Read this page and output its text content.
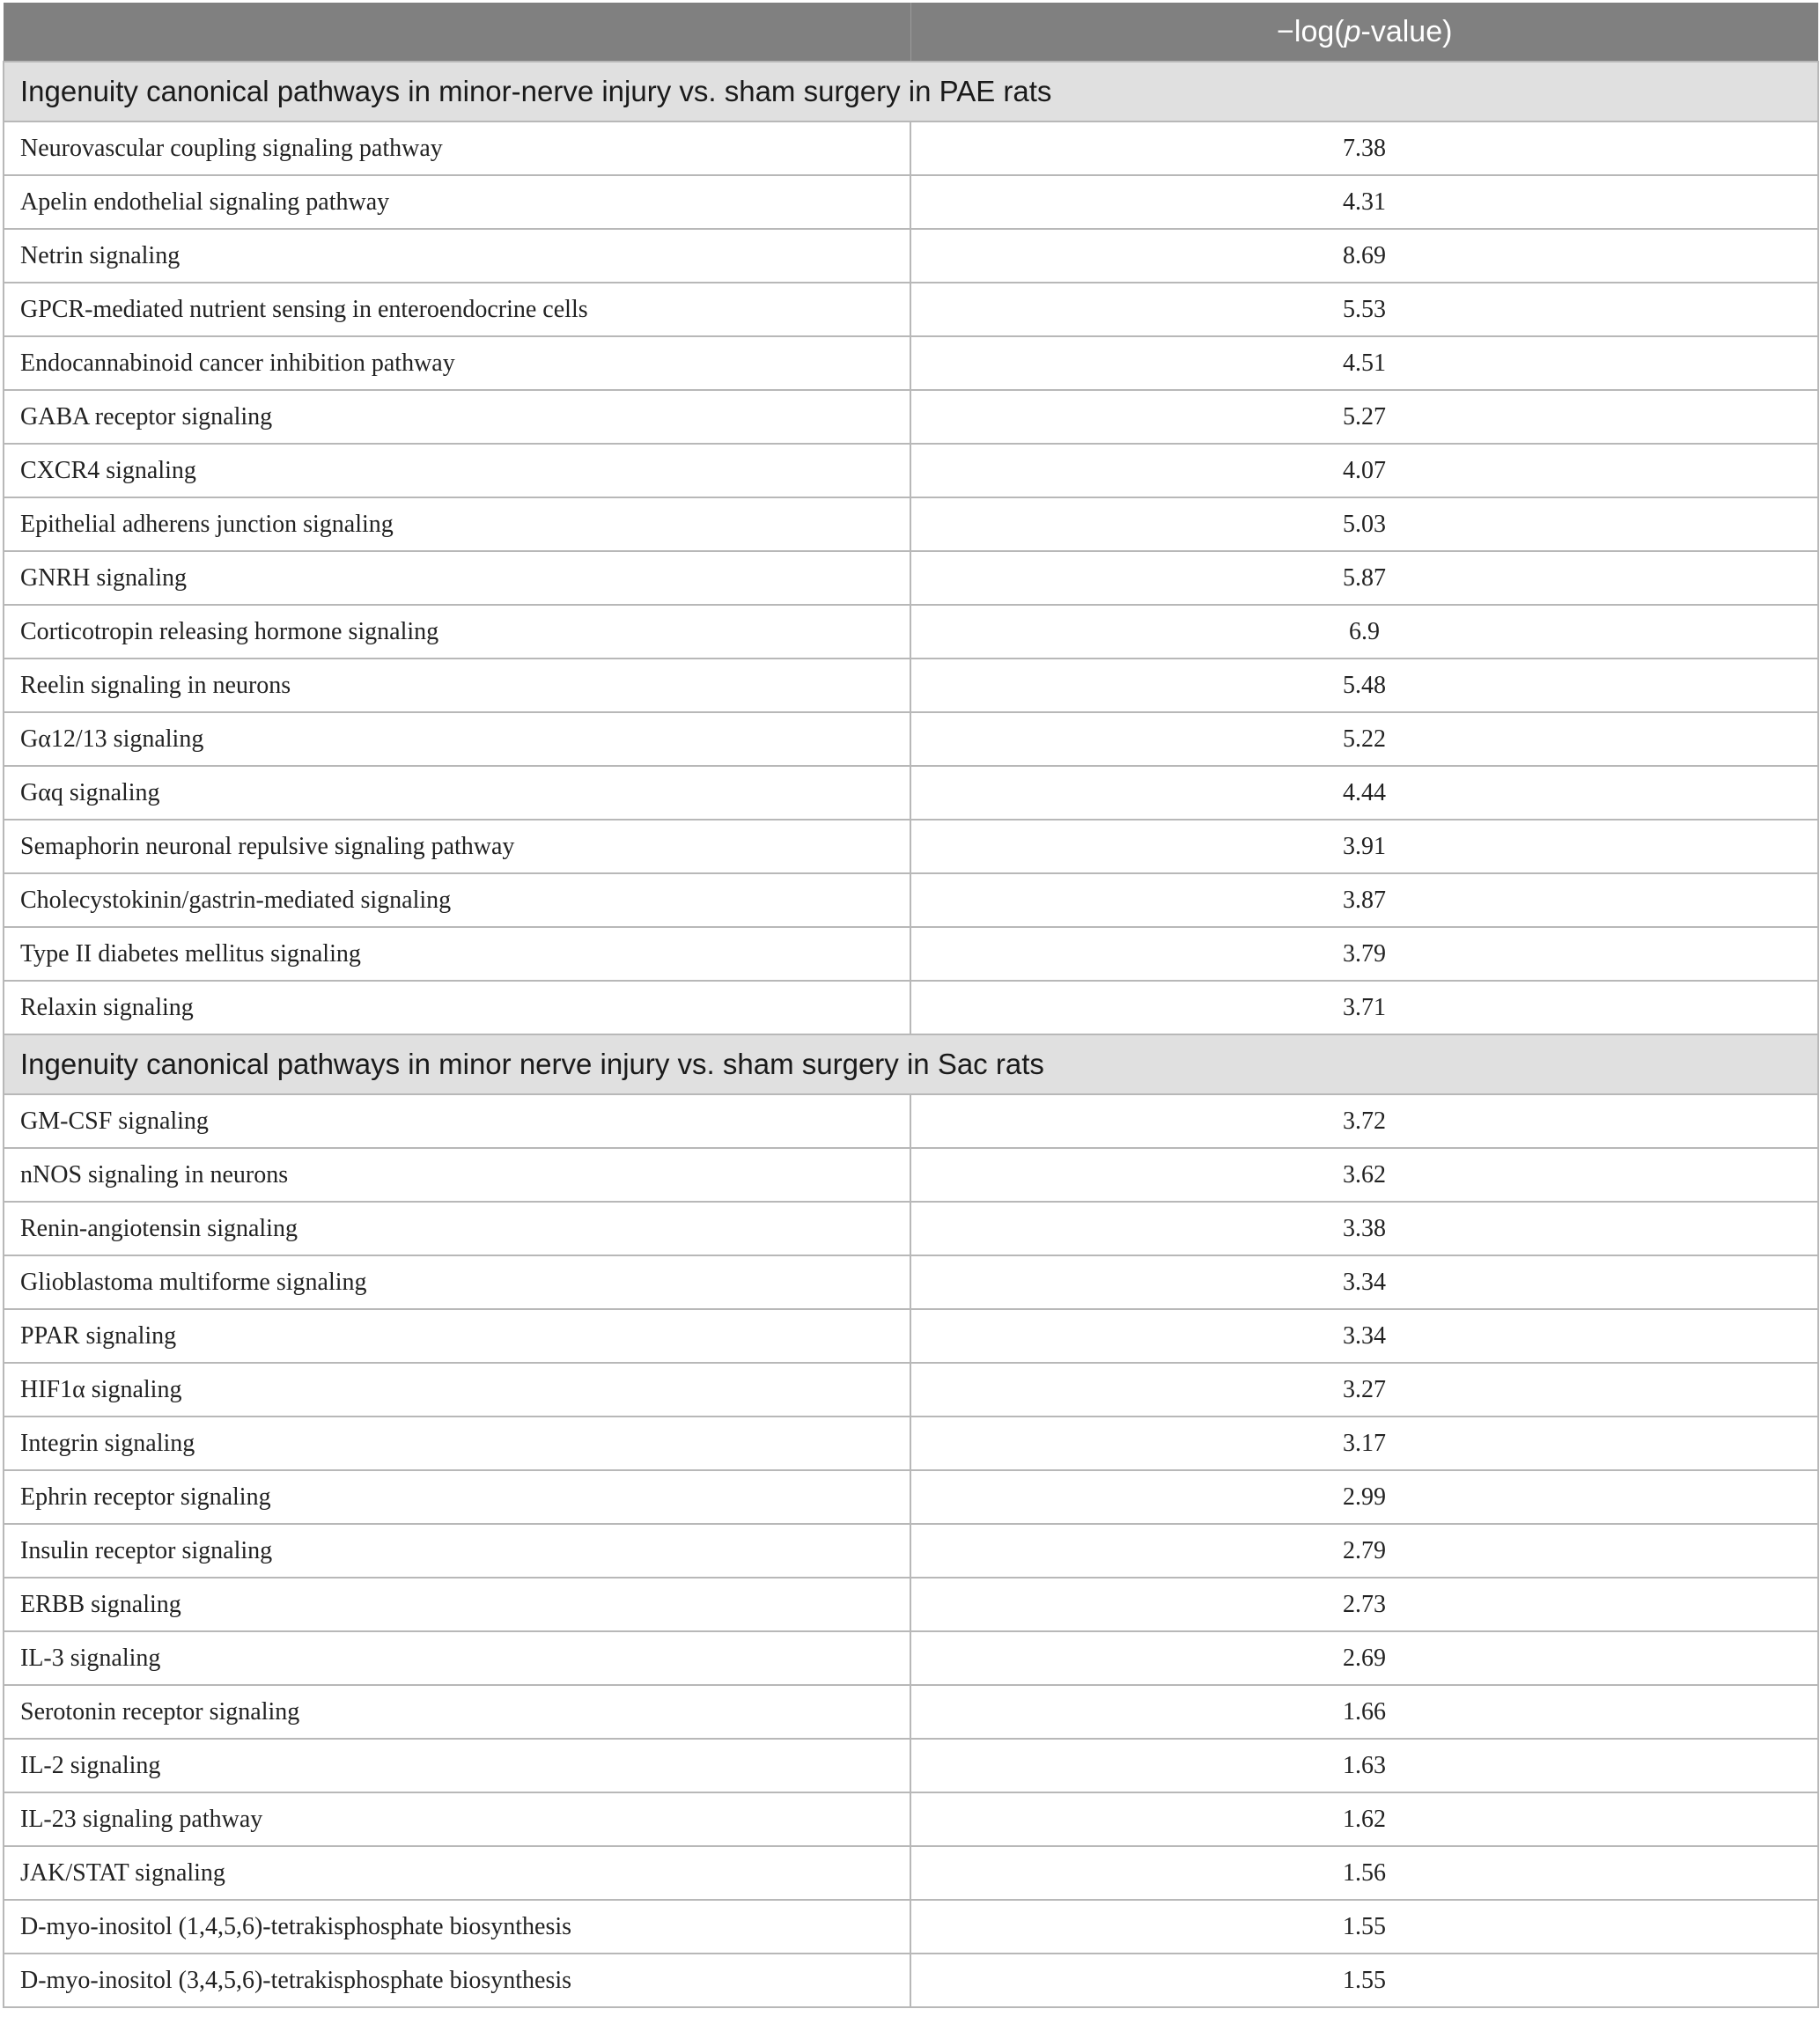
	−log(p-value)
Ingenuity canonical pathways in minor-nerve injury vs. sham surgery in PAE rats	
Neurovascular coupling signaling pathway	7.38
Apelin endothelial signaling pathway	4.31
Netrin signaling	8.69
GPCR-mediated nutrient sensing in enteroendocrine cells	5.53
Endocannabinoid cancer inhibition pathway	4.51
GABA receptor signaling	5.27
CXCR4 signaling	4.07
Epithelial adherens junction signaling	5.03
GNRH signaling	5.87
Corticotropin releasing hormone signaling	6.9
Reelin signaling in neurons	5.48
Gα12/13 signaling	5.22
Gαq signaling	4.44
Semaphorin neuronal repulsive signaling pathway	3.91
Cholecystokinin/gastrin-mediated signaling	3.87
Type II diabetes mellitus signaling	3.79
Relaxin signaling	3.71
Ingenuity canonical pathways in minor nerve injury vs. sham surgery in Sac rats	
GM-CSF signaling	3.72
nNOS signaling in neurons	3.62
Renin-angiotensin signaling	3.38
Glioblastoma multiforme signaling	3.34
PPAR signaling	3.34
HIF1α signaling	3.27
Integrin signaling	3.17
Ephrin receptor signaling	2.99
Insulin receptor signaling	2.79
ERBB signaling	2.73
IL-3 signaling	2.69
Serotonin receptor signaling	1.66
IL-2 signaling	1.63
IL-23 signaling pathway	1.62
JAK/STAT signaling	1.56
D-myo-inositol (1,4,5,6)-tetrakisphosphate biosynthesis	1.55
D-myo-inositol (3,4,5,6)-tetrakisphosphate biosynthesis	1.55
